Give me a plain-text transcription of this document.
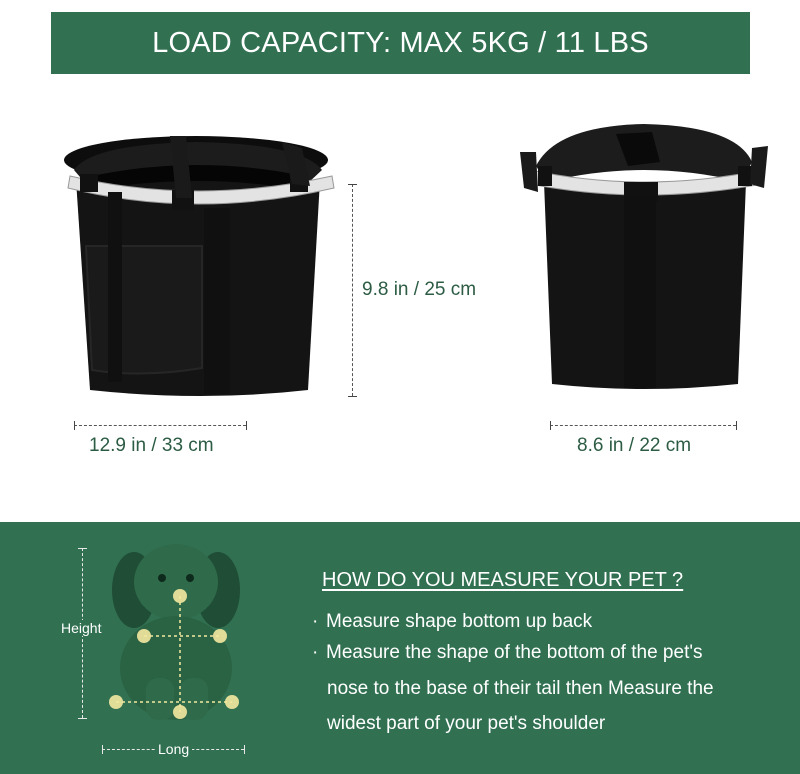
LOAD CAPACITY: MAX 5KG / 11 LBS
9.8 in / 25 cm
12.9 in / 33 cm	8.6 in / 22 cm
Height
Long
HOW DO YOU MEASURE YOUR PET ?
· Measure shape bottom up back
· Measure the shape of the bottom of the pet's
nose to the base of their tail then Measure the
widest part of your pet's shoulder
